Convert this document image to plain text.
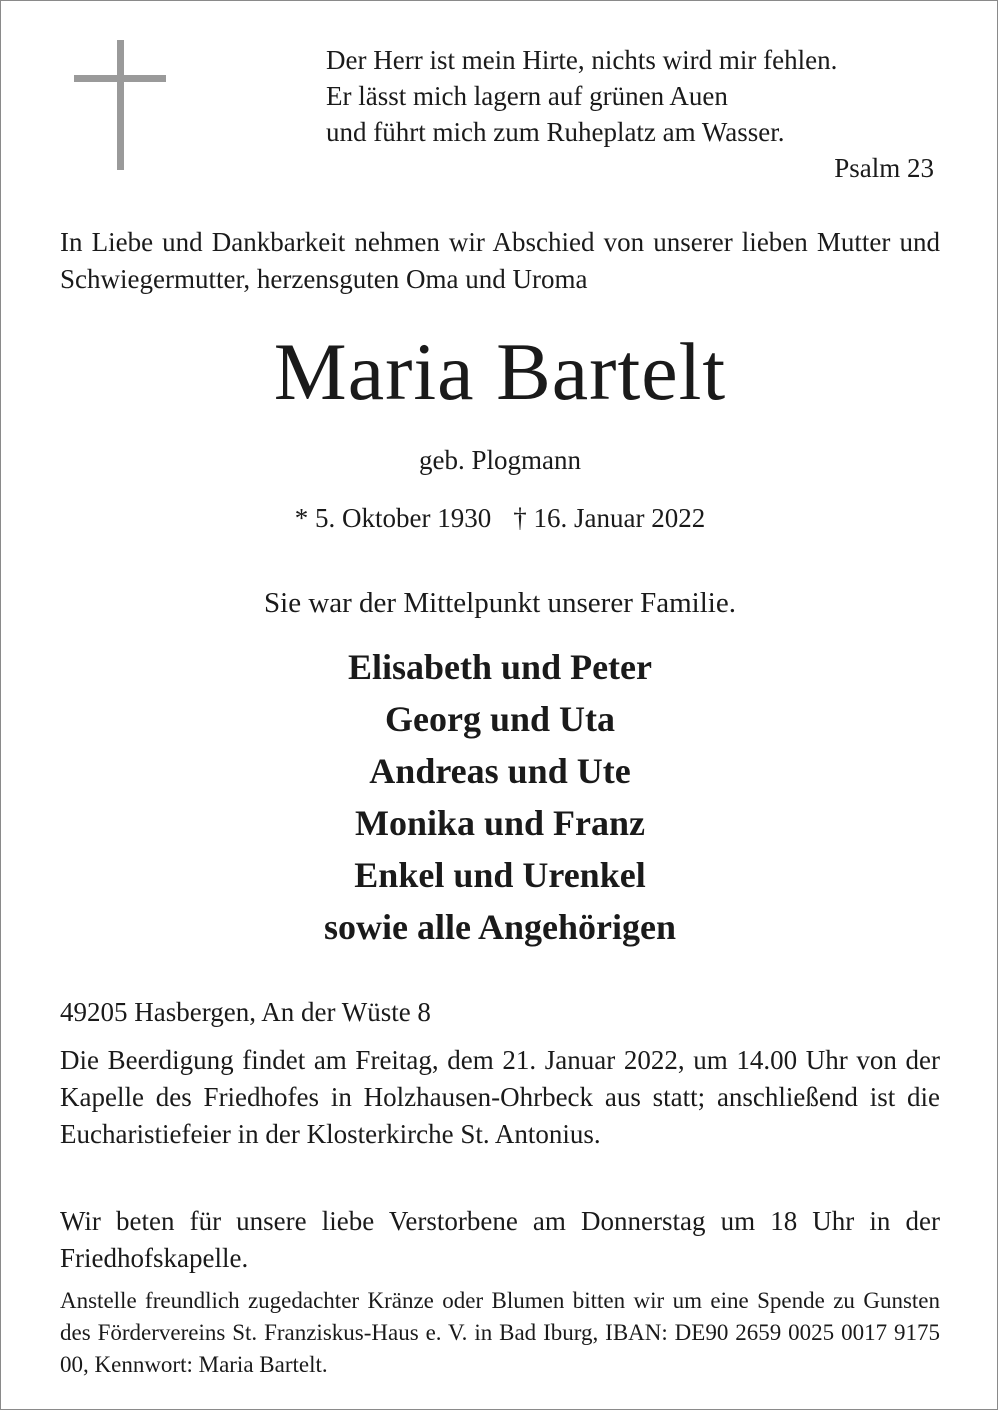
Der Herr ist mein Hirte, nichts wird mir fehlen.
Er lässt mich lagern auf grünen Auen
und führt mich zum Ruheplatz am Wasser.
Psalm 23
In Liebe und Dankbarkeit nehmen wir Abschied von unserer lieben Mutter und Schwiegermutter, herzensguten Oma und Uroma
Maria Bartelt
geb. Plogmann
* 5. Oktober 1930 † 16. Januar 2022
Sie war der Mittelpunkt unserer Familie.
Elisabeth und Peter
Georg und Uta
Andreas und Ute
Monika und Franz
Enkel und Urenkel
sowie alle Angehörigen
49205 Hasbergen, An der Wüste 8
Die Beerdigung findet am Freitag, dem 21. Januar 2022, um 14.00 Uhr von der Kapelle des Friedhofes in Holzhausen-Ohrbeck aus statt; anschließend ist die Eucharistiefeier in der Klosterkirche St. Antonius.
Wir beten für unsere liebe Verstorbene am Donnerstag um 18 Uhr in der Friedhofskapelle.
Anstelle freundlich zugedachter Kränze oder Blumen bitten wir um eine Spende zu Gunsten des Fördervereins St. Franziskus-Haus e. V. in Bad Iburg, IBAN: DE90 2659 0025 0017 9175 00, Kennwort: Maria Bartelt.
